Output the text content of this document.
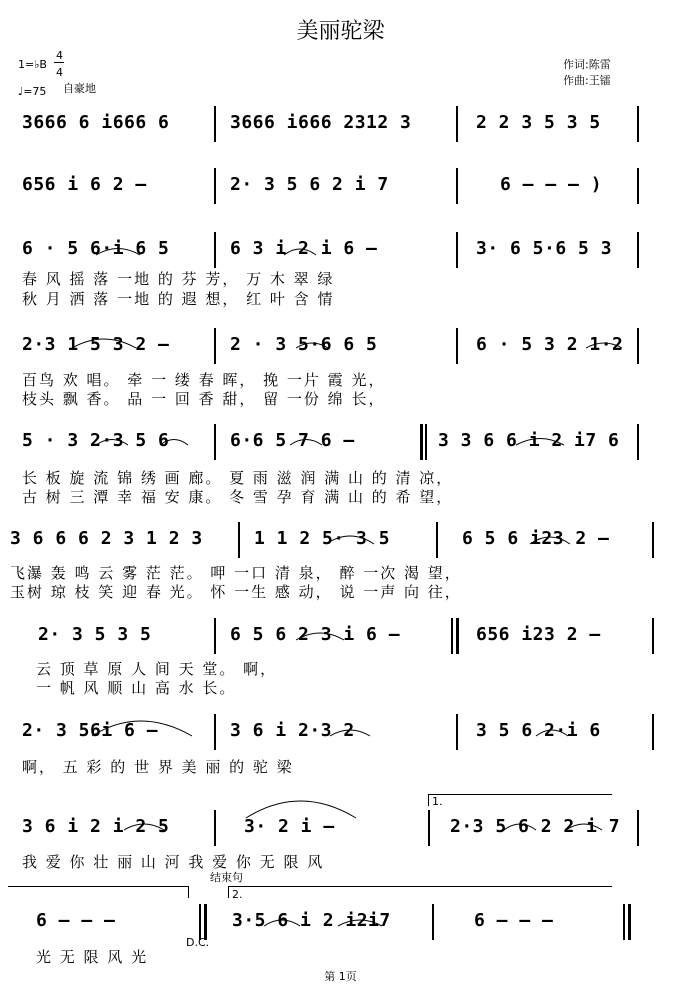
美丽驼梁
1=♭B
4
4
♩=75 自豪地
作词:陈雷
作曲:王镭
3666 6 i666 6	3666 i666 2312 3	2 2 3 5 3 5
656 i 6 2 –	2· 3 5 6 2 i 7	6 – – – )
6 · 5 6·i 6 5	6 3 i 2 i 6 –	3· 6 5·6 5 3
春 风 摇 落 一地 的 芬 芳， 万 木 翠 绿
秋 月 洒 落 一地 的 遐 想， 红 叶 含 情
2·3 1 5 3 2 –	2 · 3 5·6 6 5	6 · 5 3 2 1·2
百鸟 欢 唱。 牵 一 缕 春 晖， 挽 一片 霞 光，
枝头 飘 香。 品 一 回 香 甜， 留 一份 绵 长，
5 · 3 2·3 5 6	6·6 5 7 6 –	3 3 6 6 i 2 i7 6
长 板 旋 流 锦 绣 画 廊。 夏 雨 滋 润 满 山 的 清 凉，
古 树 三 潭 幸 福 安 康。 冬 雪 孕 育 满 山 的 希 望，
3 6 6 6 2 3 1 2 3	1 1 2 5· 3 5	6 5 6 i23 2 –
飞瀑 轰 鸣 云 雾 茫 茫。 呷 一口 清 泉， 醉 一次 渴 望，
玉树 琼 枝 笑 迎 春 光。 怀 一生 感 动， 说 一声 向 往，
2· 3 5 3 5	6 5 6 2 3 i 6 –	656 i23 2 –
云 顶 草 原 人 间 天 堂。 啊，
一 帆 风 顺 山 高 水 长。
2· 3 56i 6 –	3 6 i 2·3 2	3 5 6 2·i 6
啊， 五 彩 的 世 界 美 丽 的 驼 梁
1.
3 6 i 2 i 2 5	3· 2 i –	2·3 5 6 2 2 i 7
我 爱 你 壮 丽 山 河 我 爱 你 无 限 风
结束句
2.
6 – – –	3·5 6 i 2 i2i7	6 – – –
D.C.
光 无 限 风 光
第 1页
